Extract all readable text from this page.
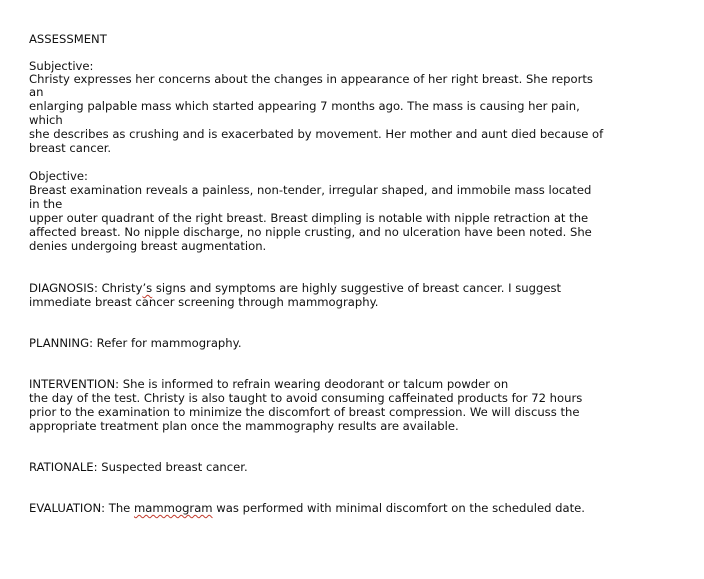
ASSESSMENT
Subjective:
Christy expresses her concerns about the changes in appearance of her right breast. She reports
an
enlarging palpable mass which started appearing 7 months ago. The mass is causing her pain,
which
she describes as crushing and is exacerbated by movement. Her mother and aunt died because of
breast cancer.
Objective:
Breast examination reveals a painless, non-tender, irregular shaped, and immobile mass located
in the
upper outer quadrant of the right breast. Breast dimpling is notable with nipple retraction at the
affected breast. No nipple discharge, no nipple crusting, and no ulceration have been noted. She
denies undergoing breast augmentation.
DIAGNOSIS: Christy’s signs and symptoms are highly suggestive of breast cancer. I suggest
immediate breast cancer screening through mammography.
PLANNING: Refer for mammography.
INTERVENTION: She is informed to refrain wearing deodorant or talcum powder on
the day of the test. Christy is also taught to avoid consuming caffeinated products for 72 hours
prior to the examination to minimize the discomfort of breast compression. We will discuss the
appropriate treatment plan once the mammography results are available.
RATIONALE: Suspected breast cancer.
EVALUATION: The mammogram was performed with minimal discomfort on the scheduled date.
